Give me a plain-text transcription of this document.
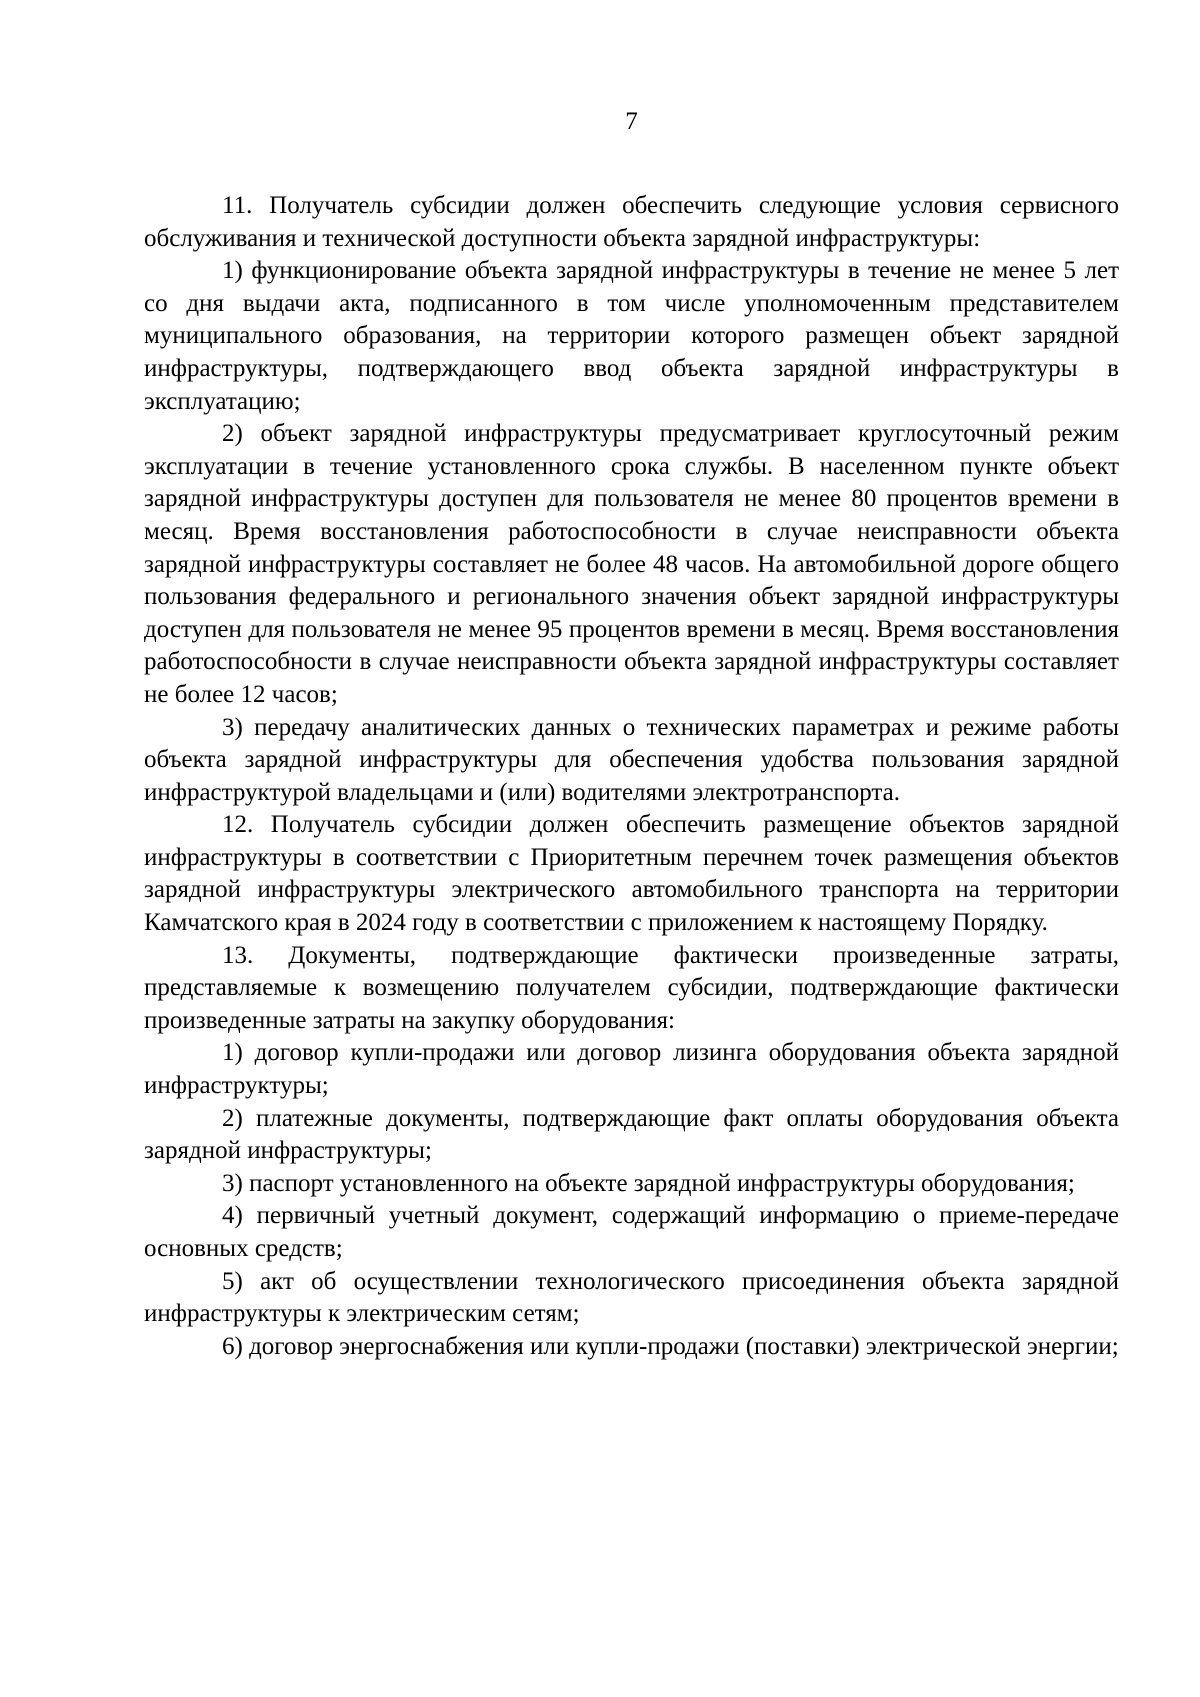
7

11. Получатель субсидии должен обеспечить следующие условия сервисного обслуживания и технической доступности объекта зарядной инфраструктуры:

1) функционирование объекта зарядной инфраструктуры в течение не менее 5 лет со дня выдачи акта, подписанного в том числе уполномоченным представителем муниципального образования, на территории которого размещен объект зарядной инфраструктуры, подтверждающего ввод объекта зарядной инфраструктуры в эксплуатацию;

2) объект зарядной инфраструктуры предусматривает круглосуточный режим эксплуатации в течение установленного срока службы. В населенном пункте объект зарядной инфраструктуры доступен для пользователя не менее 80 процентов времени в месяц. Время восстановления работоспособности в случае неисправности объекта зарядной инфраструктуры составляет не более 48 часов. На автомобильной дороге общего пользования федерального и регионального значения объект зарядной инфраструктуры доступен для пользователя не менее 95 процентов времени в месяц. Время восстановления работоспособности в случае неисправности объекта зарядной инфраструктуры составляет не более 12 часов;

3) передачу аналитических данных о технических параметрах и режиме работы объекта зарядной инфраструктуры для обеспечения удобства пользования зарядной инфраструктурой владельцами и (или) водителями электротранспорта.

12. Получатель субсидии должен обеспечить размещение объектов зарядной инфраструктуры в соответствии с Приоритетным перечнем точек размещения объектов зарядной инфраструктуры электрического автомобильного транспорта на территории Камчатского края в 2024 году в соответствии с приложением к настоящему Порядку.

13. Документы, подтверждающие фактически произведенные затраты, представляемые к возмещению получателем субсидии, подтверждающие фактически произведенные затраты на закупку оборудования:

1) договор купли-продажи или договор лизинга оборудования объекта зарядной инфраструктуры;

2) платежные документы, подтверждающие факт оплаты оборудования объекта зарядной инфраструктуры;

3) паспорт установленного на объекте зарядной инфраструктуры оборудования;

4) первичный учетный документ, содержащий информацию о приеме-передаче основных средств;

5) акт об осуществлении технологического присоединения объекта зарядной инфраструктуры к электрическим сетям;

6) договор энергоснабжения или купли-продажи (поставки) электрической энергии;
